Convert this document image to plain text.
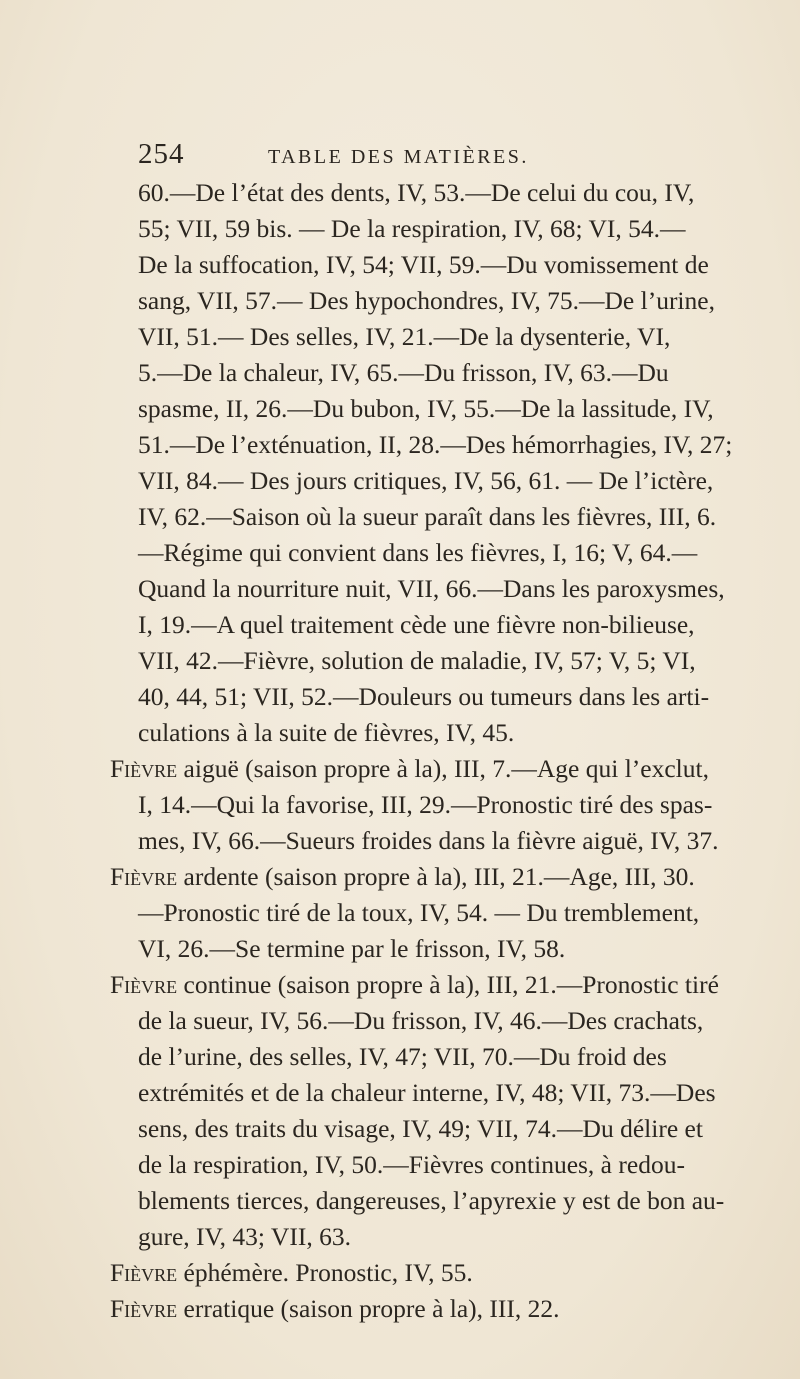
254	TABLE DES MATIÈRES.
60.—De l’état des dents, IV, 53.—De celui du cou, IV,
55; VII, 59 bis. — De la respiration, IV, 68; VI, 54.—
De la suffocation, IV, 54; VII, 59.—Du vomissement de
sang, VII, 57.— Des hypochondres, IV, 75.—De l’urine,
VII, 51.— Des selles, IV, 21.—De la dysenterie, VI,
5.—De la chaleur, IV, 65.—Du frisson, IV, 63.—Du
spasme, II, 26.—Du bubon, IV, 55.—De la lassitude, IV,
51.—De l’exténuation, II, 28.—Des hémorrhagies, IV, 27;
VII, 84.— Des jours critiques, IV, 56, 61. — De l’ictère,
IV, 62.—Saison où la sueur paraît dans les fièvres, III, 6.
—Régime qui convient dans les fièvres, I, 16; V, 64.—
Quand la nourriture nuit, VII, 66.—Dans les paroxysmes,
I, 19.—A quel traitement cède une fièvre non-bilieuse,
VII, 42.—Fièvre, solution de maladie, IV, 57; V, 5; VI,
40, 44, 51; VII, 52.—Douleurs ou tumeurs dans les arti-
culations à la suite de fièvres, IV, 45.
Fièvre aiguë (saison propre à la), III, 7.—Age qui l’exclut,
I, 14.—Qui la favorise, III, 29.—Pronostic tiré des spas-
mes, IV, 66.—Sueurs froides dans la fièvre aiguë, IV, 37.
Fièvre ardente (saison propre à la), III, 21.—Age, III, 30.
—Pronostic tiré de la toux, IV, 54. — Du tremblement,
VI, 26.—Se termine par le frisson, IV, 58.
Fièvre continue (saison propre à la), III, 21.—Pronostic tiré
de la sueur, IV, 56.—Du frisson, IV, 46.—Des crachats,
de l’urine, des selles, IV, 47; VII, 70.—Du froid des
extrémités et de la chaleur interne, IV, 48; VII, 73.—Des
sens, des traits du visage, IV, 49; VII, 74.—Du délire et
de la respiration, IV, 50.—Fièvres continues, à redou-
blements tierces, dangereuses, l’apyrexie y est de bon au-
gure, IV, 43; VII, 63.
Fièvre éphémère. Pronostic, IV, 55.
Fièvre erratique (saison propre à la), III, 22.
